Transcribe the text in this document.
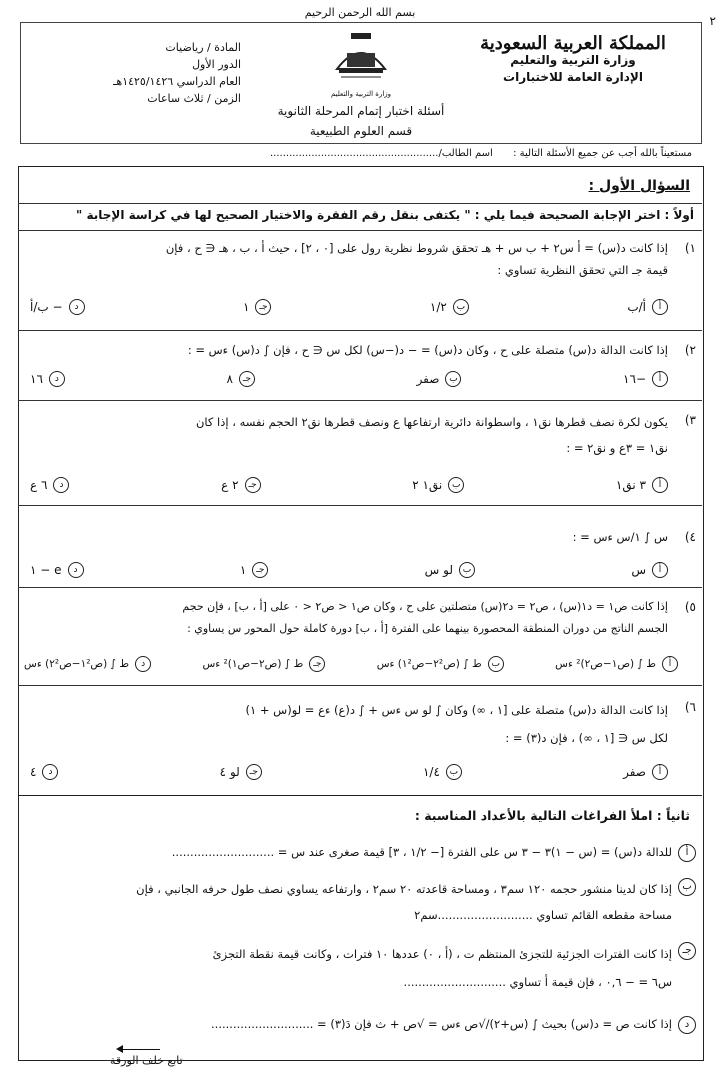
بسم الله الرحمن الرحيم
٢
المملكة العربية السعودية
وزارة التربية والتعليم
الإدارة العامة للاختبارات
وزارة التربية والتعليم
أسئلة اختبار إتمام المرحلة الثانوية
قسم العلوم الطبيعية
المادة / رياضيات
الدور الأول
العام الدراسي ١٤٢٥/١٤٢٦هـ
الزمن / ثلاث ساعات
مستعيناً بالله أجب عن جميع الأسئلة التالية :
اسم الطالب/.....................................................
السؤال الأول :
أولاً : اختر الإجابة الصحيحة فيما يلي : " يكتفى بنقل رقم الفقرة والاختيار الصحيح لها في كراسة الإجابة "
١)
إذا كانت د(س) = ﺃ س٢ + ب س + هـ تحقق شروط نظرية رول على [٠ ، ٢] ، حيث ﺃ ، ب ، هـ ∈ ح ، فإن
قيمة جـ التي تحقق النظرية تساوي :
ﺃ
ﺃ/ب
ب
١/٢
جـ
١
د
− ب/ﺃ
٢)
إذا كانت الدالة د(س) متصلة على ح ، وكان د(س) = − د(−س) لكل س ∈ ح ، فإن ∫ د(س) ءس = :
ﺃ
−١٦
ب
صفر
جـ
٨
د
١٦
٣)
يكون لكرة نصف قطرها نق١ ، واسطوانة دائرية ارتفاعها ع ونصف قطرها نق٢ الحجم نفسه ، إذا كان
نق١ = ٣ع و نق٢ = :
ﺃ
٣ نق١
ب
نق١ ٢
جـ
٢ ع
د
٦ ع
٤)
س ∫ ١/س ءس = :
ﺃ
س
ب
لو س
جـ
١
د
e − ١
٥)
إذا كانت ص١ = د١(س) ، ص٢ = د٢(س) متصلتين على ح ، وكان ص١ < ص٢ < ٠ على [ﺃ ، ب] ، فإن حجم
الجسم الناتج من دوران المنطقة المحصورة بينهما على الفترة [ﺃ ، ب] دورة كاملة حول المحور س يساوي :
ﺃ
ط ∫ (ص١−ص٢)² ءس
ب
ط ∫ (ص٢²−ص١²) ءس
جـ
ط ∫ (ص٢−ص١)² ءس
د
ط ∫ (ص١²−ص٢²) ءس
٦)
إذا كانت الدالة د(س) متصلة على [١ ، ∞) وكان ∫ لو س ءس + ∫ د(ع) ءع = لو(س + ١)
لكل س ∈ [١ ، ∞) ، فإن د(٣) = :
ﺃ
صفر
ب
١/٤
جـ
لو ٤
د
٤
ثانياً : املأ الفراغات التالية بالأعداد المناسبة :
ﺃ
للدالة د(س) = (س − ١)٣ − ٣ س على الفترة [− ١/٢ ، ٣] قيمة صغرى عند س = ............................
ب
إذا كان لدينا منشور حجمه ١٢٠ سم٣ ، ومساحة قاعدته ٢٠ سم٢ ، وارتفاعه يساوي نصف طول حرفه الجانبي ، فإن
مساحة مقطعه القائم تساوي ..........................سم٢
جـ
إذا كانت الفترات الجزئية للتجزئ المنتظم ت ، (ﺃ ، ٠) عددها ١٠ فترات ، وكانت قيمة نقطة التجزئ
س٦ = − ٠,٦ ، فإن قيمة ﺃ تساوي ............................
د
إذا كانت ص = د(س) بحيث ∫ (س+٢)/√ص ءس = √ص + ث فإن دَ(٣) = ............................
تابع خلف الورقة
